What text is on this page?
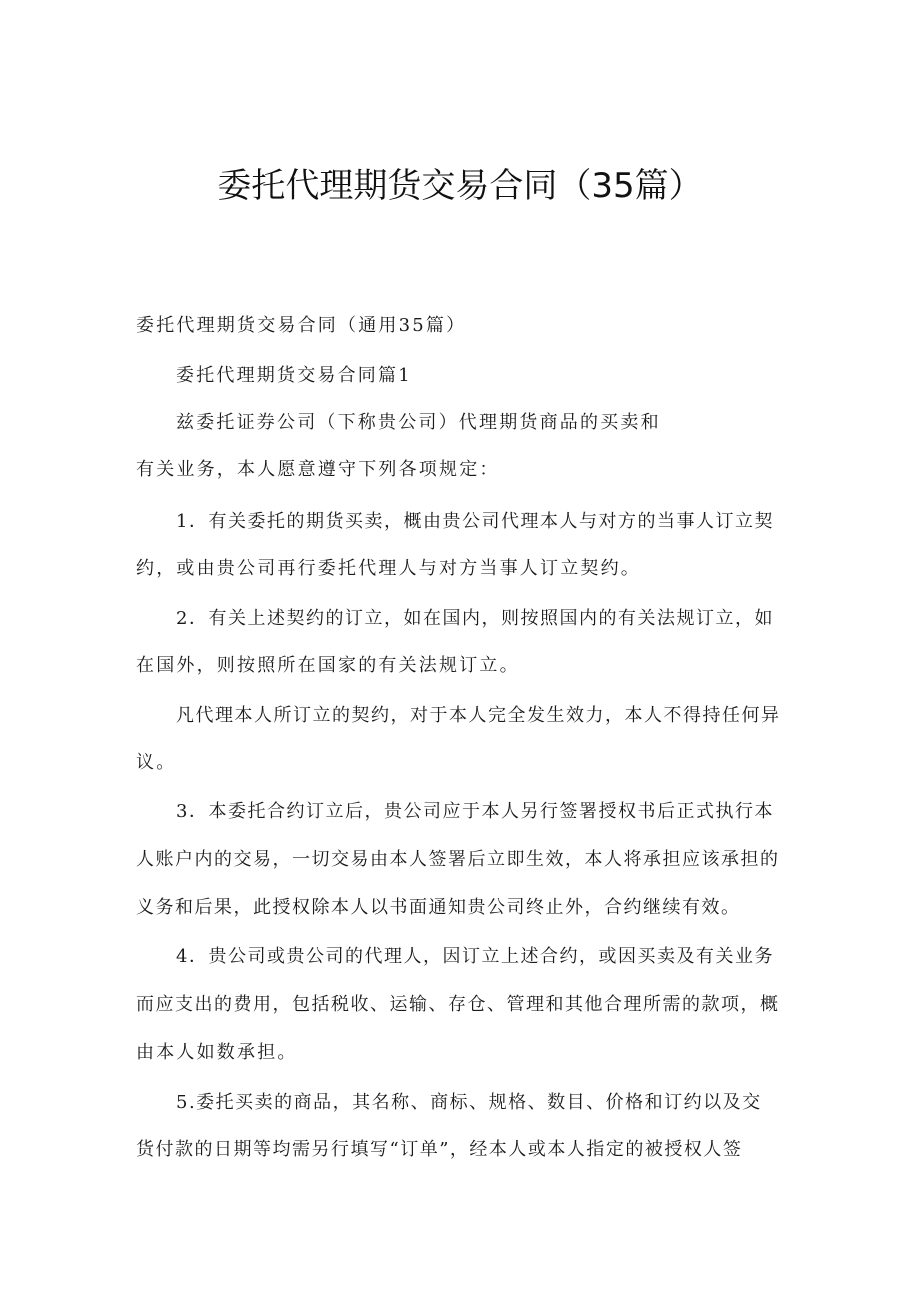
委托代理期货交易合同（35篇）

委托代理期货交易合同（通用35篇）

委托代理期货交易合同篇1

兹委托证券公司（下称贵公司）代理期货商品的买卖和

有关业务，本人愿意遵守下列各项规定：

1．有关委托的期货买卖，概由贵公司代理本人与对方的当事人订立契

约，或由贵公司再行委托代理人与对方当事人订立契约。

2．有关上述契约的订立，如在国内，则按照国内的有关法规订立，如

在国外，则按照所在国家的有关法规订立。

凡代理本人所订立的契约，对于本人完全发生效力，本人不得持任何异

议。

3．本委托合约订立后，贵公司应于本人另行签署授权书后正式执行本

人账户内的交易，一切交易由本人签署后立即生效，本人将承担应该承担的

义务和后果，此授权除本人以书面通知贵公司终止外，合约继续有效。

4．贵公司或贵公司的代理人，因订立上述合约，或因买卖及有关业务

而应支出的费用，包括税收、运输、存仓、管理和其他合理所需的款项，概

由本人如数承担。

5.委托买卖的商品，其名称、商标、规格、数目、价格和订约以及交

货付款的日期等均需另行填写“订单”，经本人或本人指定的被授权人签
